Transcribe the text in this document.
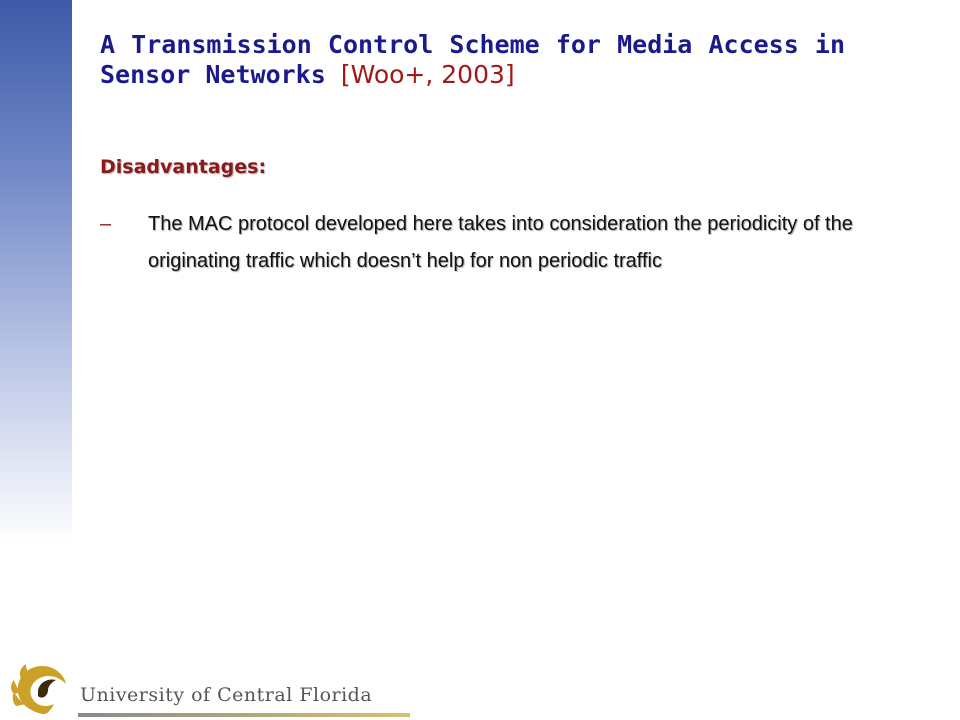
A Transmission Control Scheme for Media Access in Sensor Networks [Woo+, 2003]
Disadvantages:
– The MAC protocol developed here takes into consideration the periodicity of the originating traffic which doesn’t help for non periodic traffic
University of Central Florida
